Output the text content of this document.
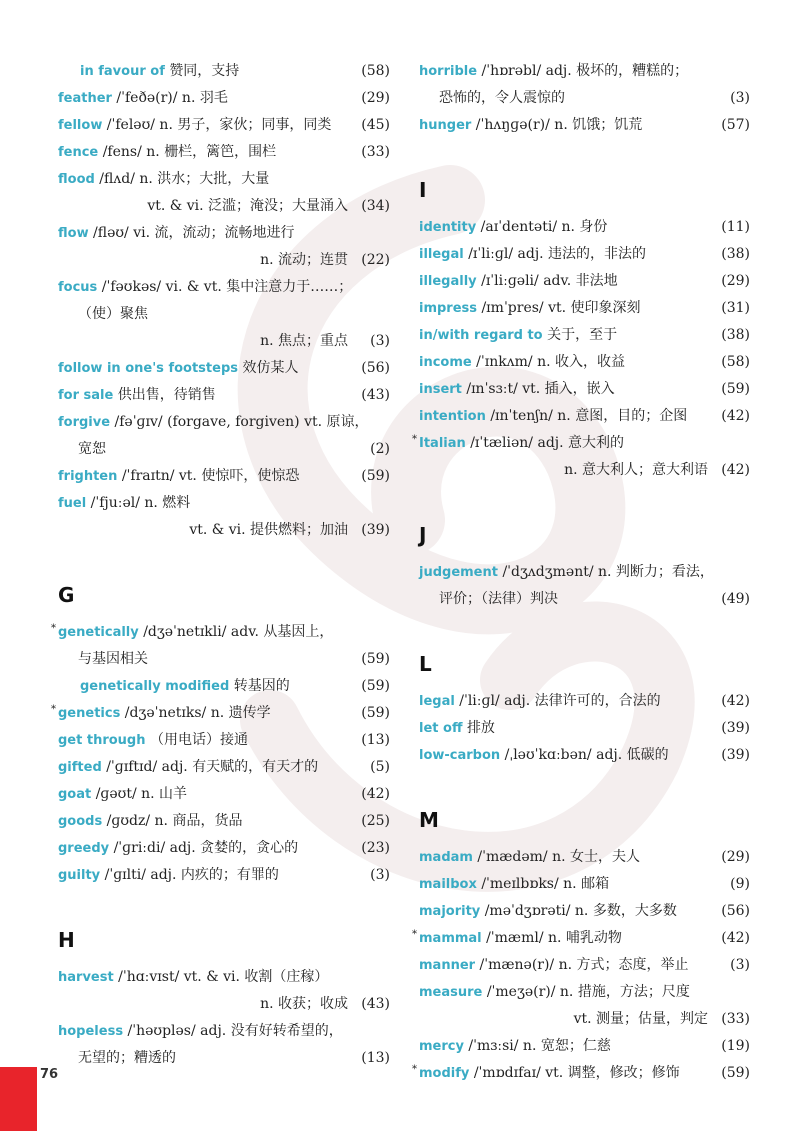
in favour of 赞同，支持	(58)
feather /ˈfeðə(r)/ n. 羽毛	(29)
fellow /ˈfeləʊ/ n. 男子，家伙；同事，同类 (45)
fence /fens/ n. 栅栏，篱笆，围栏	(33)
flood /flʌd/ n. 洪水；大批，大量
vt. & vi. 泛滥；淹没；大量涌入 (34)
flow /fləʊ/ vi. 流，流动；流畅地进行
n. 流动；连贯 (22)
focus /ˈfəʊkəs/ vi. & vt. 集中注意力于……；
（使）聚焦
n. 焦点；重点 (3)
follow in one's footsteps 效仿某人	(56)
for sale 供出售，待销售	(43)
forgive /fəˈɡɪv/ (forgave, forgiven) vt. 原谅，
宽恕	(2)
frighten /ˈfraɪtn/ vt. 使惊吓，使惊恐	(59)
fuel /ˈfjuːəl/ n. 燃料
vt. & vi. 提供燃料；加油 (39)
G
* genetically /dʒəˈnetɪkli/ adv. 从基因上，
与基因相关	(59)
genetically modified 转基因的	(59)
* genetics /dʒəˈnetɪks/ n. 遗传学	(59)
get through （用电话）接通	(13)
gifted /ˈɡɪftɪd/ adj. 有天赋的，有天才的	(5)
goat /ɡəʊt/ n. 山羊	(42)
goods /ɡʊdz/ n. 商品，货品	(25)
greedy /ˈɡriːdi/ adj. 贪婪的，贪心的	(23)
guilty /ˈɡɪlti/ adj. 内疚的；有罪的	(3)
H
harvest /ˈhɑːvɪst/ vt. & vi. 收割（庄稼）
n. 收获；收成 (43)
hopeless /ˈhəʊpləs/ adj. 没有好转希望的，
无望的；糟透的	(13)
horrible /ˈhɒrəbl/ adj. 极坏的，糟糕的；
恐怖的，令人震惊的	(3)
hunger /ˈhʌŋɡə(r)/ n. 饥饿；饥荒	(57)
I
identity /aɪˈdentəti/ n. 身份	(11)
illegal /ɪˈliːɡl/ adj. 违法的，非法的	(38)
illegally /ɪˈliːɡəli/ adv. 非法地	(29)
impress /ɪmˈpres/ vt. 使印象深刻	(31)
in/with regard to 关于，至于	(38)
income /ˈɪnkʌm/ n. 收入，收益	(58)
insert /ɪnˈsɜːt/ vt. 插入，嵌入	(59)
intention /ɪnˈtenʃn/ n. 意图，目的；企图 (42)
* Italian /ɪˈtæliən/ adj. 意大利的
n. 意大利人；意大利语 (42)
J
judgement /ˈdʒʌdʒmənt/ n. 判断力；看法，
评价；（法律）判决	(49)
L
legal /ˈliːɡl/ adj. 法律许可的，合法的	(42)
let off 排放	(39)
low-carbon /ˌləʊˈkɑːbən/ adj. 低碳的	(39)
M
madam /ˈmædəm/ n. 女士，夫人	(29)
mailbox /ˈmeɪlbɒks/ n. 邮箱	(9)
majority /məˈdʒɒrəti/ n. 多数，大多数	(56)
* mammal /ˈmæml/ n. 哺乳动物	(42)
manner /ˈmænə(r)/ n. 方式；态度，举止	(3)
measure /ˈmeʒə(r)/ n. 措施，方法；尺度
vt. 测量；估量，判定 (33)
mercy /ˈmɜːsi/ n. 宽恕；仁慈	(19)
* modify /ˈmɒdɪfaɪ/ vt. 调整，修改；修饰	(59)
76
